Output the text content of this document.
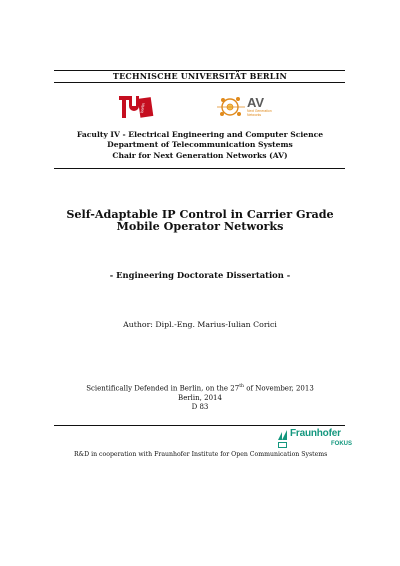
TECHNISCHE UNIVERSITÄT BERLIN
berlin	AV
Next Generation
Networks
Faculty IV - Electrical Engineering and Computer Science
Department of Telecommunication Systems
Chair for Next Generation Networks (AV)
Self-Adaptable IP Control in Carrier Grade
Mobile Operator Networks
- Engineering Doctorate Dissertation -
Author: Dipl.-Eng. Marius-Iulian Corici
Scientifically Defended in Berlin, on the 27th of November, 2013
Berlin, 2014
D 83
Fraunhofer
FOKUS
R&D in cooperation with Fraunhofer Institute for Open Communication Systems
